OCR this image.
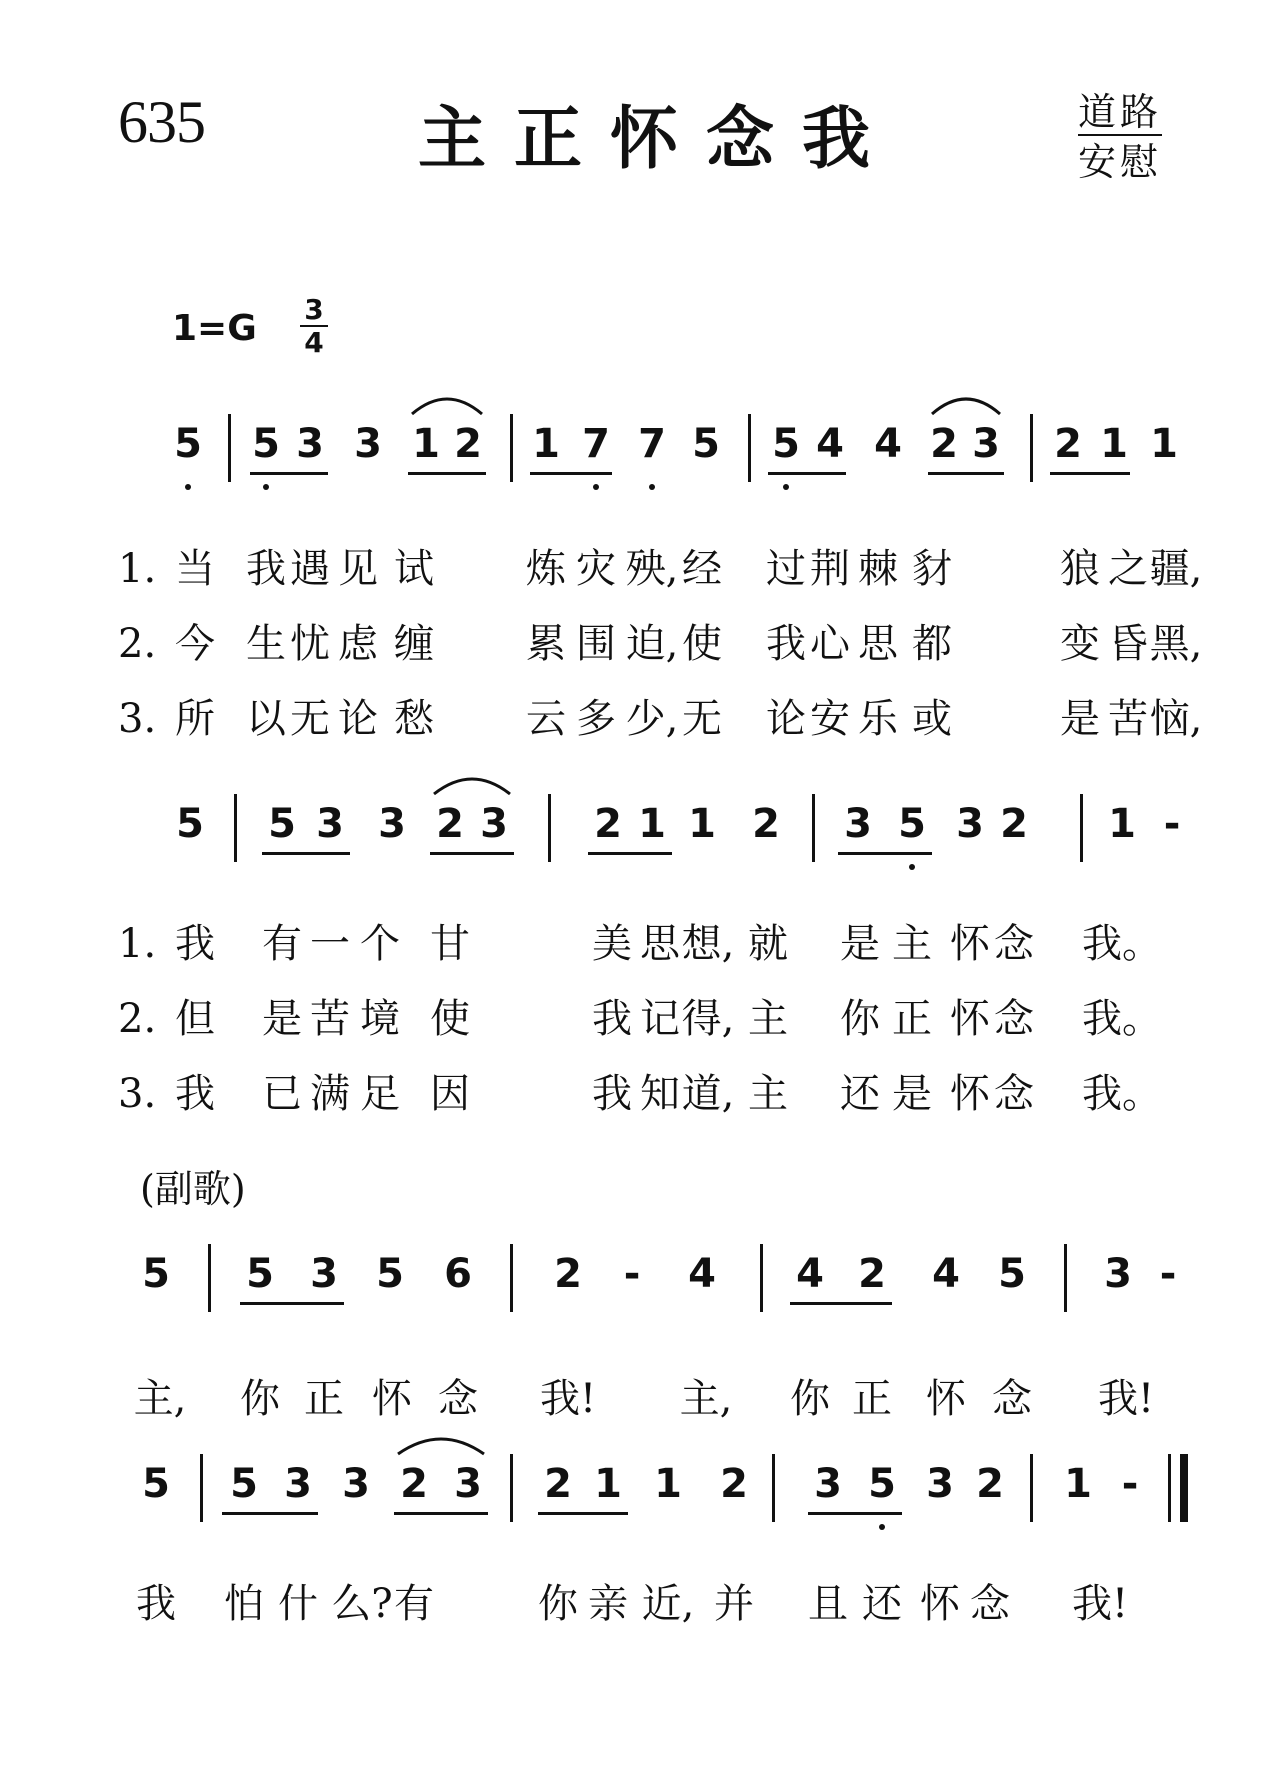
635	主正怀念我	道路
安慰
$1=G \frac{3}{4}$
(副歌)
5 5 3 3 1 2 1 7 7 5 5 4 4 2 3 2 1 1
1. 当 我 遇 见 试 炼 灾 殃, 经 过 荆 棘 豺	狼 之 疆,
2. 今 生 忧 虑 缠 累 围 迫, 使 我 心 思 都	变 昏 黑,
3. 所 以 无 论 愁 云 多 少, 无 论 安 乐 或	是 苦 恼,
5 5 3 3 2 3 2 1 1 2 3 5 3 2 1 -
1. 我 有 一 个 甘	美 思 想, 就 是 主 怀 念 我。
2. 但 是 苦 境 使	我 记 得, 主 你 正 怀 念 我。
3. 我 已 满 足 因	我 知 道, 主 还 是 怀 念 我。
5 5 3 5 6 2 - 4 4 2 4 5 3 -
主, 你 正 怀 念 我! 主, 你 正 怀 念 我!
5 5 3 3 2 3 2 1 1 2 3 5 3 2 1 -
我 怕 什 么? 有	你 亲 近, 并 且 还 怀 念 我!
